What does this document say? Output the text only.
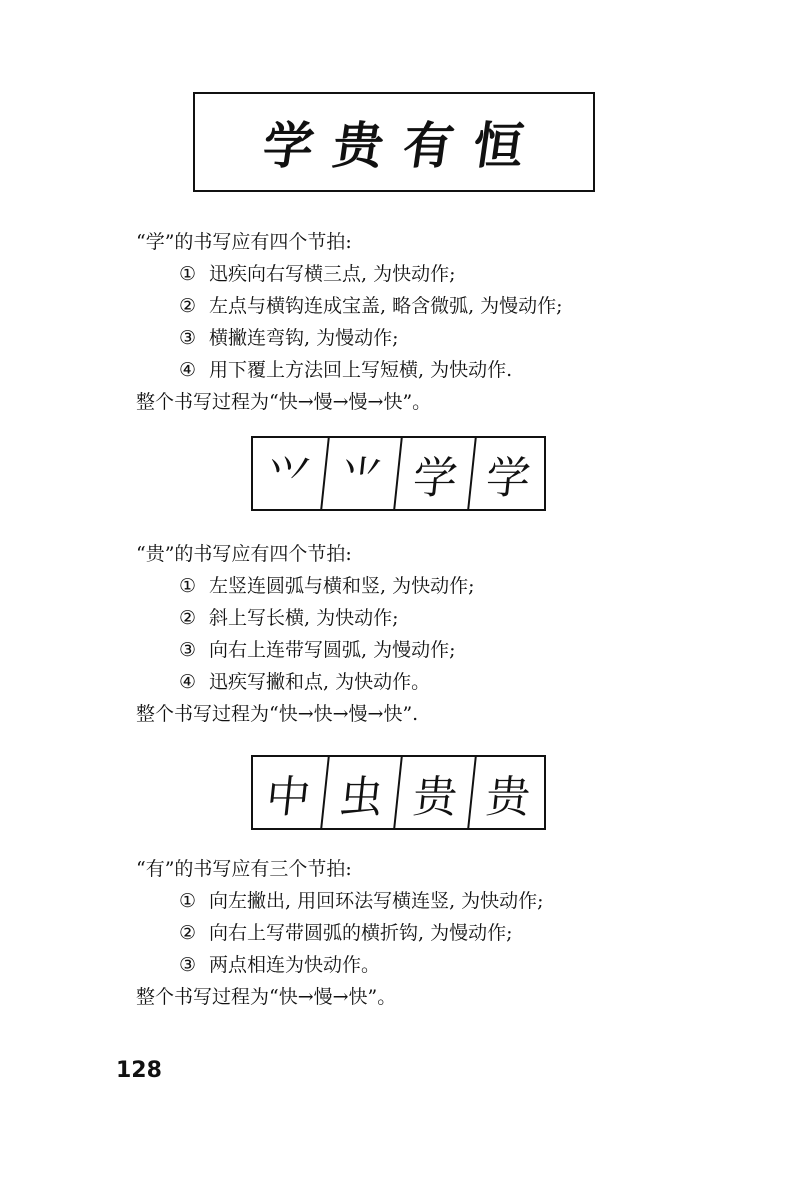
学贵有恒
“学”的书写应有四个节拍:
① 迅疾向右写横三点, 为快动作;
② 左点与横钩连成宝盖, 略含微弧, 为慢动作;
③ 横撇连弯钩, 为慢动作;
④ 用下覆上方法回上写短横, 为快动作.
整个书写过程为“快→慢→慢→快”。
⺍ ⺌ 学 学
“贵”的书写应有四个节拍:
① 左竖连圆弧与横和竖, 为快动作;
② 斜上写长横, 为快动作;
③ 向右上连带写圆弧, 为慢动作;
④ 迅疾写撇和点, 为快动作。
整个书写过程为“快→快→慢→快”.
中 虫 贵 贵
“有”的书写应有三个节拍:
① 向左撇出, 用回环法写横连竖, 为快动作;
② 向右上写带圆弧的横折钩, 为慢动作;
③ 两点相连为快动作。
整个书写过程为“快→慢→快”。
128
